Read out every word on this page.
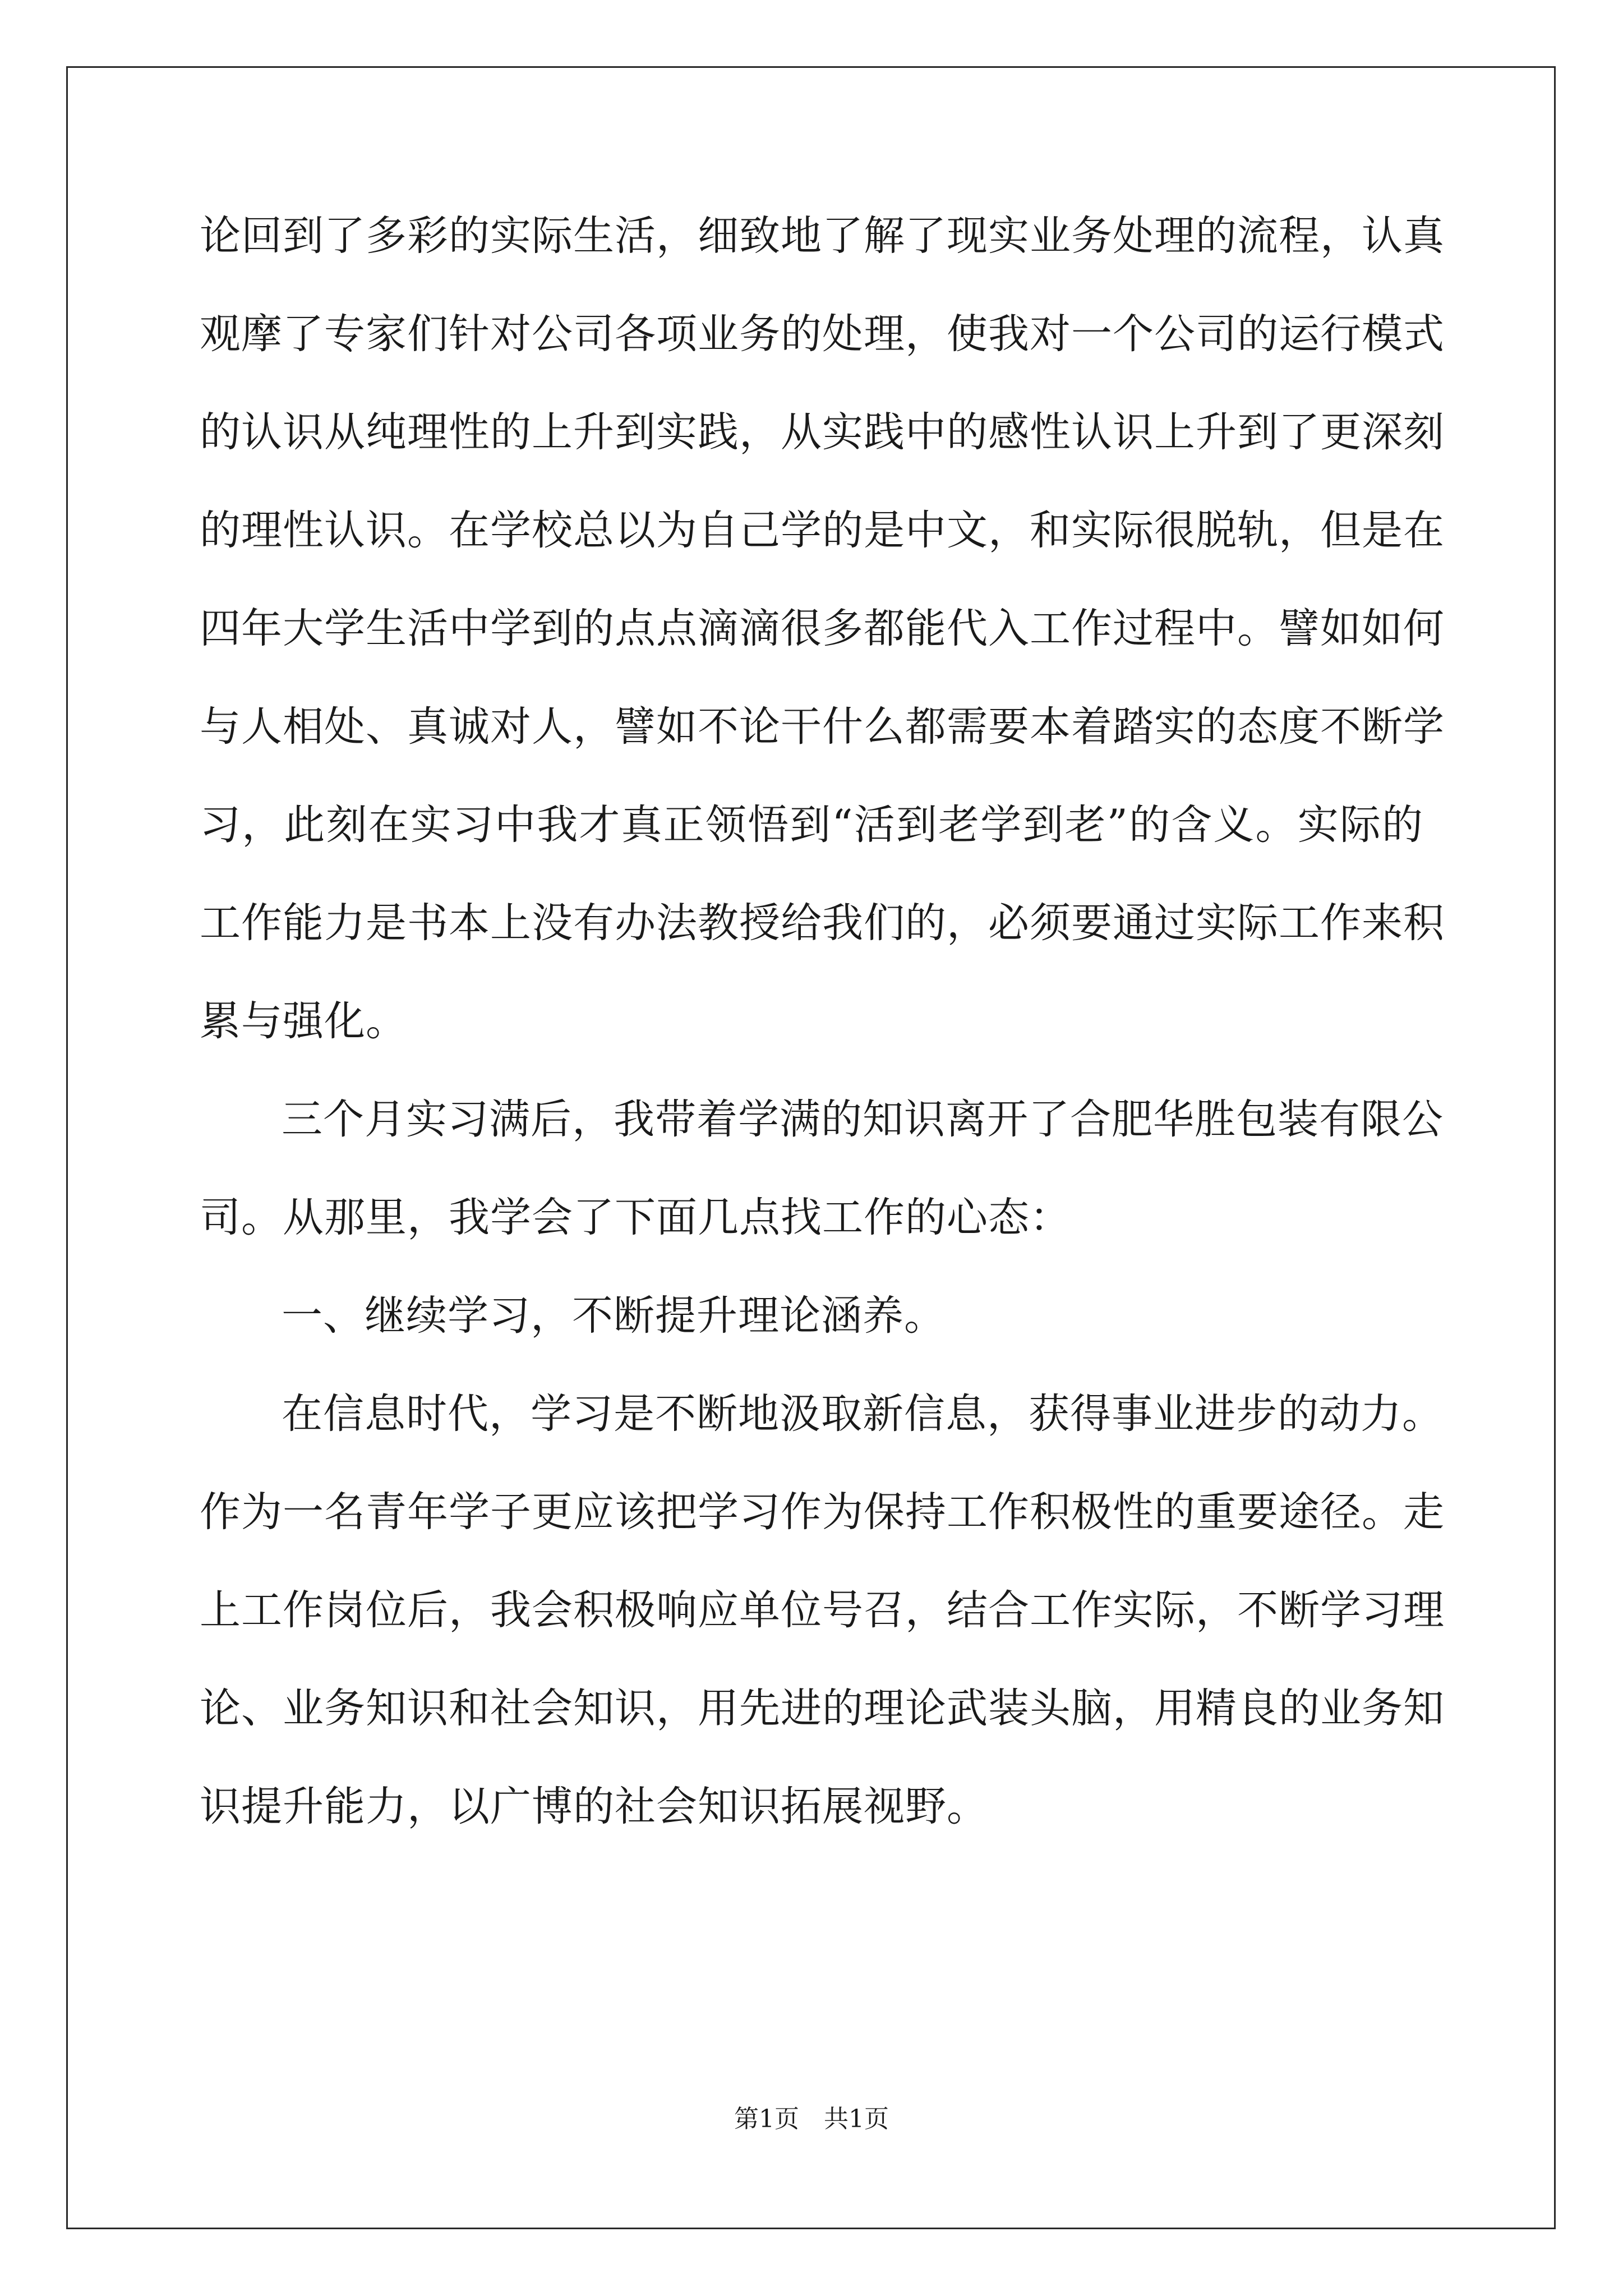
论回到了多彩的实际生活，细致地了解了现实业务处理的流程，认真
观摩了专家们针对公司各项业务的处理，使我对一个公司的运行模式
的认识从纯理性的上升到实践，从实践中的感性认识上升到了更深刻
的理性认识。在学校总以为自己学的是中文，和实际很脱轨，但是在
四年大学生活中学到的点点滴滴很多都能代入工作过程中。譬如如何
与人相处、真诚对人，譬如不论干什么都需要本着踏实的态度不断学
习，此刻在实习中我才真正领悟到“活到老学到老”的含义。实际的
工作能力是书本上没有办法教授给我们的，必须要通过实际工作来积
累与强化。
三个月实习满后，我带着学满的知识离开了合肥华胜包装有限公
司。从那里，我学会了下面几点找工作的心态：
一、继续学习，不断提升理论涵养。
在信息时代，学习是不断地汲取新信息，获得事业进步的动力。
作为一名青年学子更应该把学习作为保持工作积极性的重要途径。走
上工作岗位后，我会积极响应单位号召，结合工作实际，不断学习理
论、业务知识和社会知识，用先进的理论武装头脑，用精良的业务知
识提升能力，以广博的社会知识拓展视野。
第1页　共1页
